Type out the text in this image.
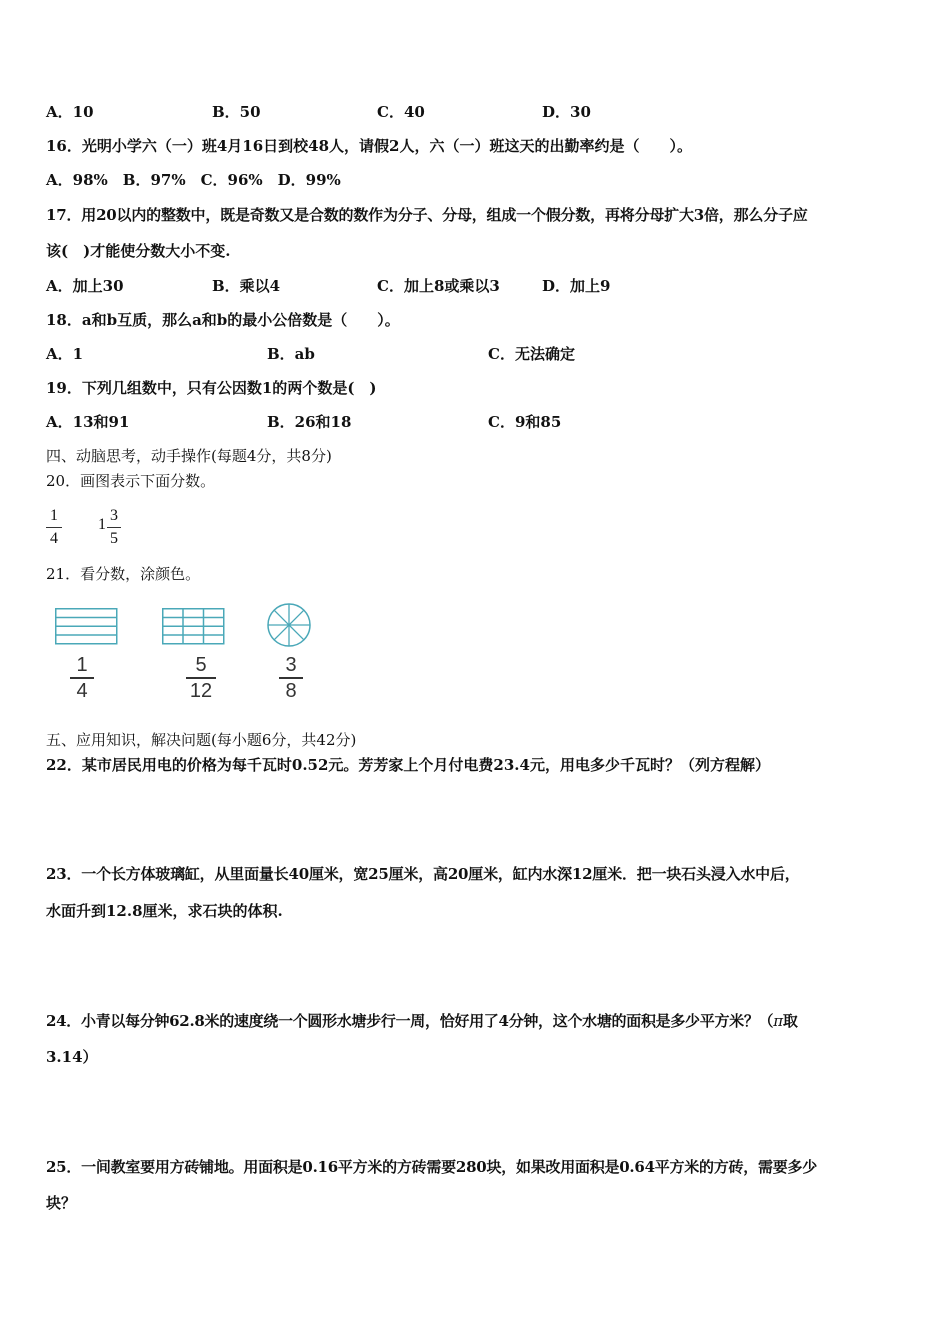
A．10	B．50	C．40	D．30
16．光明小学六（一）班4月16日到校48人，请假2人，六（一）班这天的出勤率约是（　　）。
A．98%　B．97%　C．96%　D．99%
17．用20以内的整数中，既是奇数又是合数的数作为分子、分母，组成一个假分数，再将分母扩大3倍，那么分子应
该(　)才能使分数大小不变.
A．加上30	B．乘以4	C．加上8或乘以3	D．加上9
18．a和b互质，那么a和b的最小公倍数是（　　）。
A．1	B．ab	C．无法确定
19．下列几组数中，只有公因数1的两个数是(　)
A．13和91	B．26和18	C．9和85
四、动脑思考，动手操作(每题4分，共8分)
20．画图表示下面分数。
1
4
1
3
5
21．看分数，涂颜色。
1
4
5
12
3
8
五、应用知识，解决问题(每小题6分，共42分)
22．某市居民用电的价格为每千瓦时0.52元。芳芳家上个月付电费23.4元，用电多少千瓦时？（列方程解）
23．一个长方体玻璃缸，从里面量长40厘米，宽25厘米，高20厘米，缸内水深12厘米．把一块石头浸入水中后，
水面升到12.8厘米，求石块的体积.
24．小青以每分钟62.8米的速度绕一个圆形水塘步行一周，恰好用了4分钟，这个水塘的面积是多少平方米？（π取
3.14）
25．一间教室要用方砖铺地。用面积是0.16平方米的方砖需要280块，如果改用面积是0.64平方米的方砖，需要多少
块？
